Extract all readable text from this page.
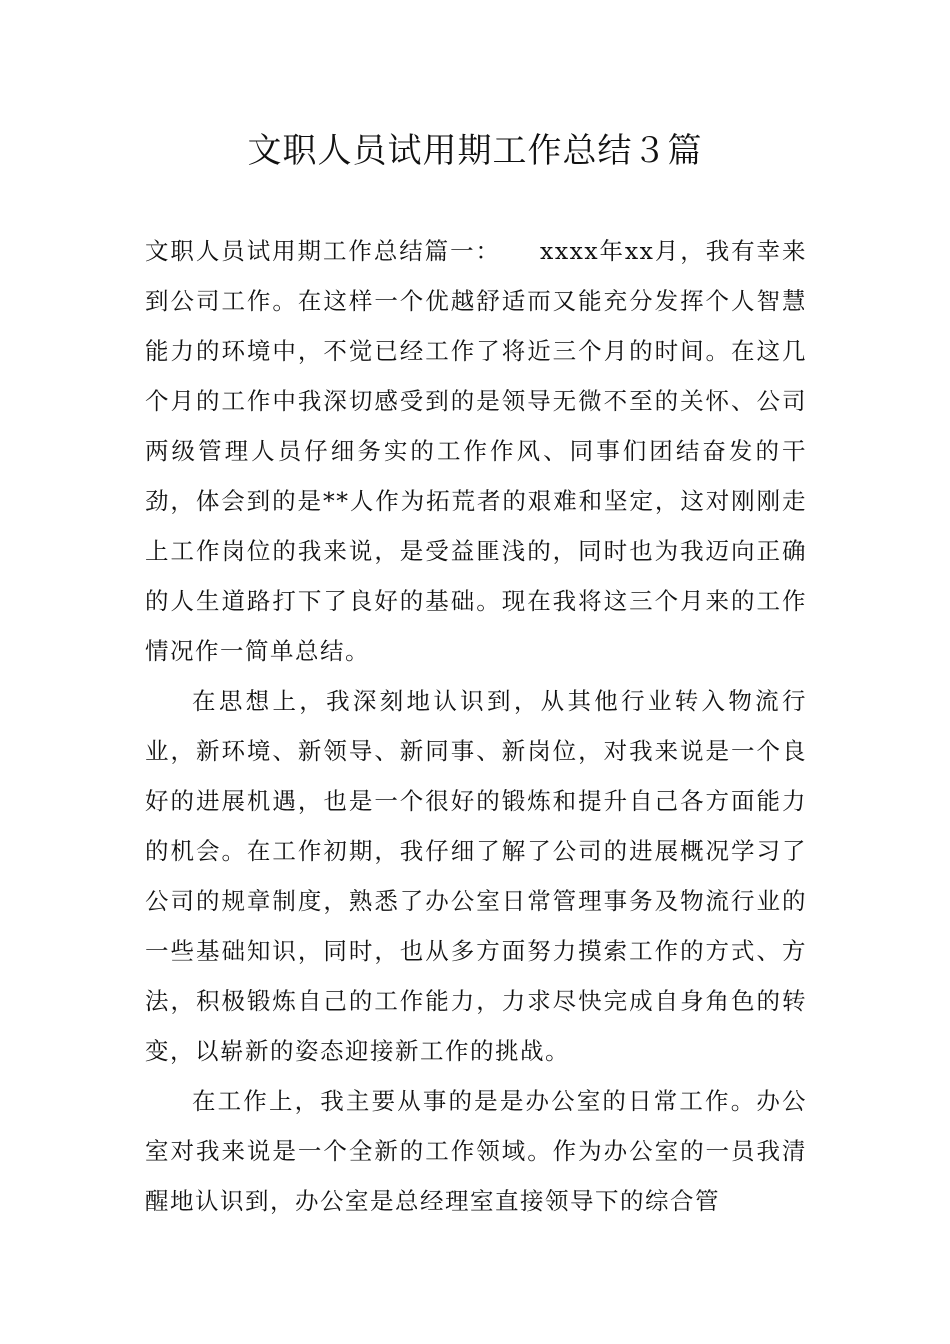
文职人员试用期工作总结３篇

文职人员试用期工作总结篇一：　　xxxx年xx月，我有幸来到公司工作。在这样一个优越舒适而又能充分发挥个人智慧能力的环境中，不觉已经工作了将近三个月的时间。在这几个月的工作中我深切感受到的是领导无微不至的关怀、公司两级管理人员仔细务实的工作作风、同事们团结奋发的干劲，体会到的是**人作为拓荒者的艰难和坚定，这对刚刚走上工作岗位的我来说，是受益匪浅的，同时也为我迈向正确的人生道路打下了良好的基础。现在我将这三个月来的工作情况作一简单总结。

在思想上，我深刻地认识到，从其他行业转入物流行业，新环境、新领导、新同事、新岗位，对我来说是一个良好的进展机遇，也是一个很好的锻炼和提升自己各方面能力的机会。在工作初期，我仔细了解了公司的进展概况学习了公司的规章制度，熟悉了办公室日常管理事务及物流行业的一些基础知识，同时，也从多方面努力摸索工作的方式、方法，积极锻炼自己的工作能力，力求尽快完成自身角色的转变，以崭新的姿态迎接新工作的挑战。

在工作上，我主要从事的是是办公室的日常工作。办公室对我来说是一个全新的工作领域。作为办公室的一员我清醒地认识到，办公室是总经理室直接领导下的综合管
